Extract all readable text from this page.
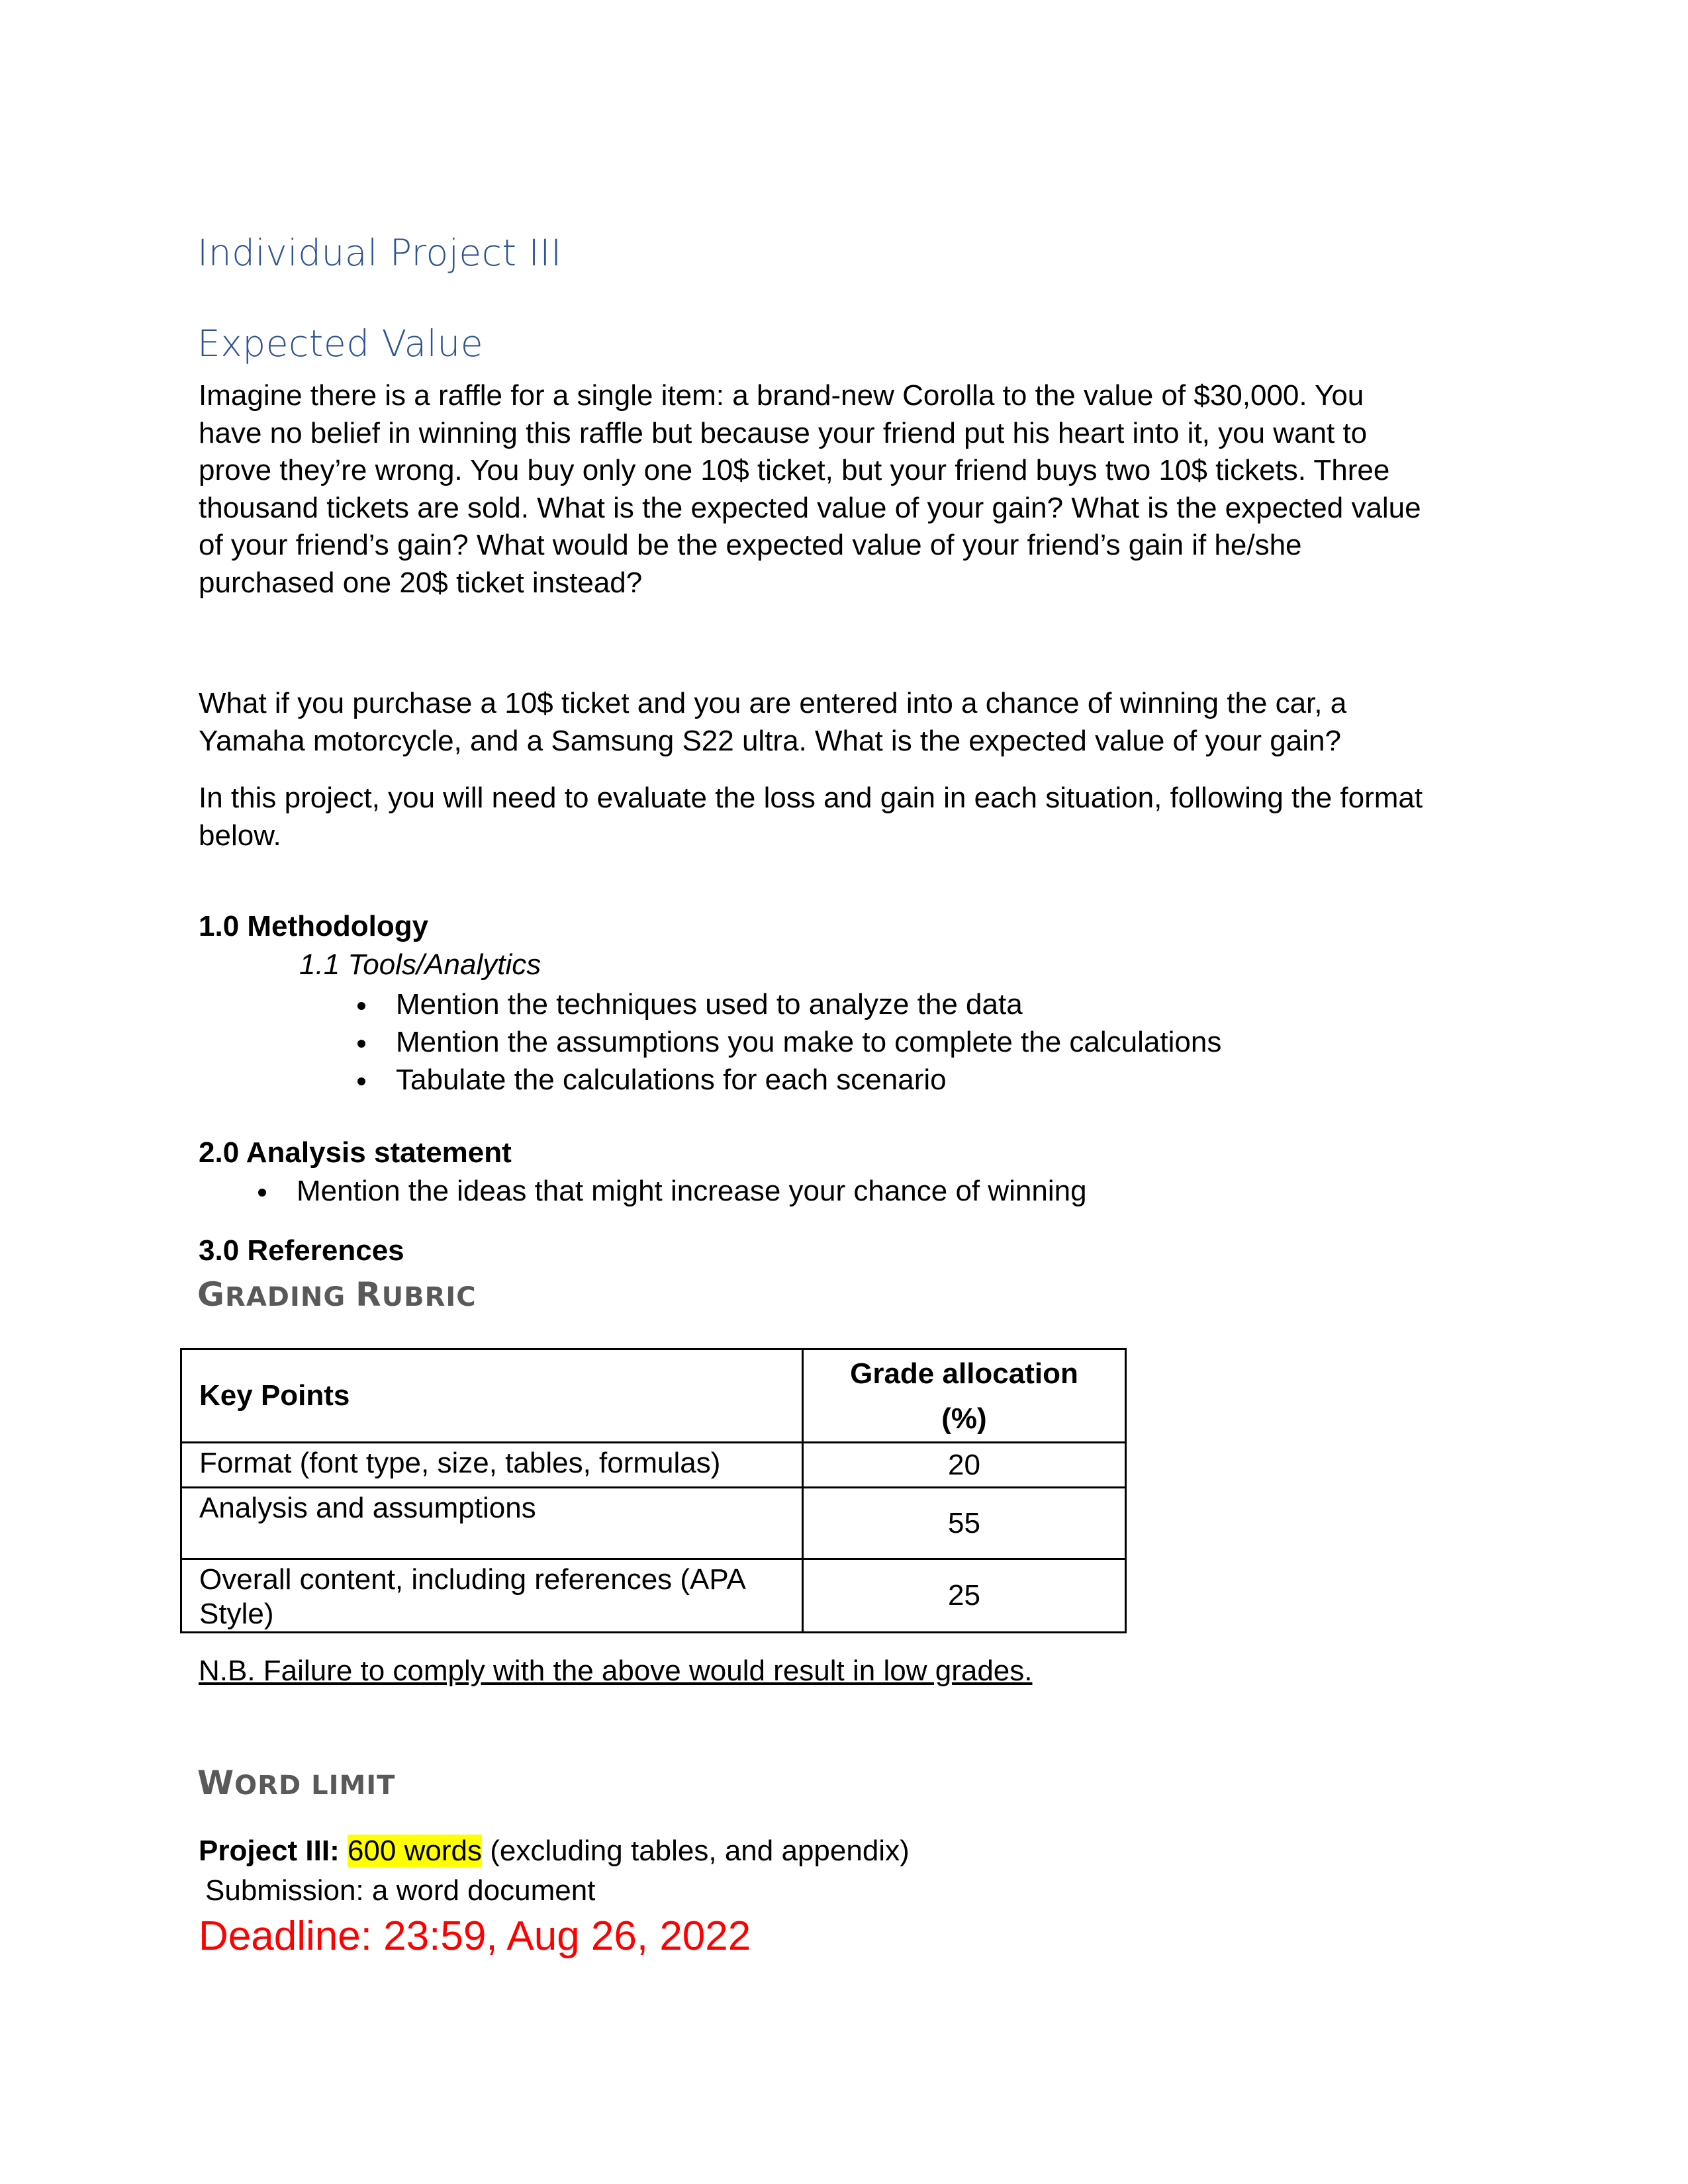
Individual Project III
Expected Value

Imagine there is a raffle for a single item: a brand-new Corolla to the value of $30,000. You

have no belief in winning this raffle but because your friend put his heart into it, you want to

prove they’re wrong. You buy only one 10$ ticket, but your friend buys two 10$ tickets. Three

thousand tickets are sold. What is the expected value of your gain? What is the expected value

of your friend’s gain? What would be the expected value of your friend’s gain if he/she

purchased one 20$ ticket instead?

What if you purchase a 10$ ticket and you are entered into a chance of winning the car, a

Yamaha motorcycle, and a Samsung S22 ultra. What is the expected value of your gain?

In this project, you will need to evaluate the loss and gain in each situation, following the format

below.

1.0 Methodology
1.1 Tools/Analytics
Mention the techniques used to analyze the data
Mention the assumptions you make to complete the calculations
Tabulate the calculations for each scenario
2.0 Analysis statement
Mention the ideas that might increase your chance of winning
3.0 References
GRADING RUBRIC
Key Points	Grade allocation
(%)

Format (font type, size, tables, formulas)	20

Analysis and assumptions	55

Overall content, including references (APA Style)	25
N.B. Failure to comply with the above would result in low grades.
WORD LIMIT
Project III: 600 words (excluding tables, and appendix)
Submission: a word document
Deadline: 23:59, Aug 26, 2022
